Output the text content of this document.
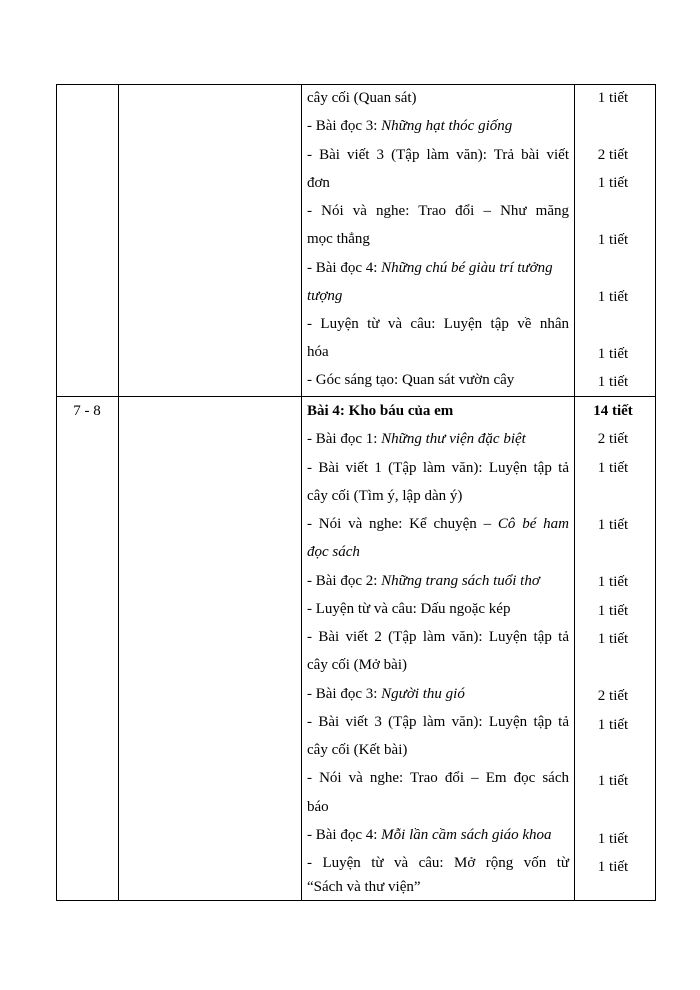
cây cối (Quan sát)
- Bài đọc 3: Những hạt thóc giống
- Bài viết 3 (Tập làm văn): Trả bài viết
đơn
- Nói và nghe: Trao đổi – Như măng
mọc thẳng
- Bài đọc 4: Những chú bé giàu trí tưởng
tượng
- Luyện từ và câu: Luyện tập về nhân
hóa
- Góc sáng tạo: Quan sát vườn cây
1 tiết
2 tiết
1 tiết
1 tiết
1 tiết
1 tiết
1 tiết
7 - 8	Bài 4: Kho báu của em	14 tiết
- Bài đọc 1: Những thư viện đặc biệt
- Bài viết 1 (Tập làm văn): Luyện tập tả
cây cối (Tìm ý, lập dàn ý)
- Nói và nghe: Kể chuyện – Cô bé ham
đọc sách
- Bài đọc 2: Những trang sách tuổi thơ
- Luyện từ và câu: Dấu ngoặc kép
- Bài viết 2 (Tập làm văn): Luyện tập tả
cây cối (Mở bài)
- Bài đọc 3: Người thu gió
- Bài viết 3 (Tập làm văn): Luyện tập tả
cây cối (Kết bài)
- Nói và nghe: Trao đổi – Em đọc sách
báo
- Bài đọc 4: Mỗi lần cầm sách giáo khoa
- Luyện từ và câu: Mở rộng vốn từ
“Sách và thư viện”
2 tiết
1 tiết
1 tiết
1 tiết
1 tiết
1 tiết
2 tiết
1 tiết
1 tiết
1 tiết
1 tiết
